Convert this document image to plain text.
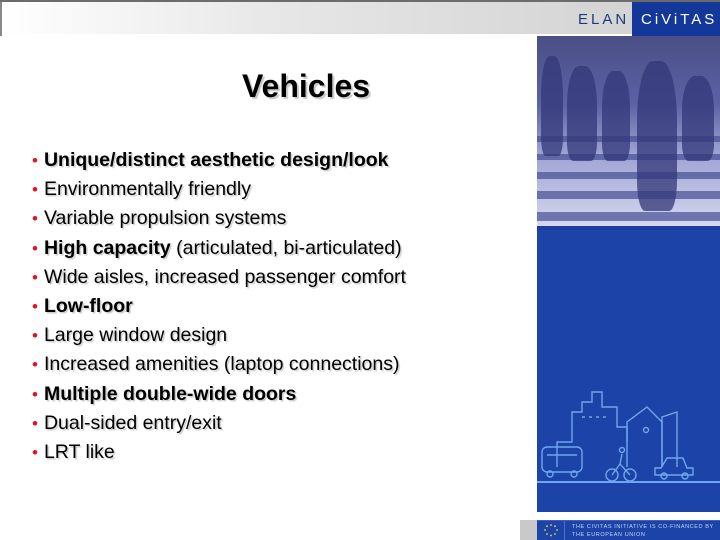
ELAN CiViTAS
THE CIVITAS INITIATIVE IS CO-FINANCED BY THE EUROPEAN UNION
Vehicles
• Unique/distinct aesthetic design/look
• Environmentally friendly
• Variable propulsion systems
• High capacity (articulated, bi-articulated)
• Wide aisles, increased passenger comfort
• Low-floor
• Large window design
• Increased amenities (laptop connections)
• Multiple double-wide doors
• Dual-sided entry/exit
• LRT like
